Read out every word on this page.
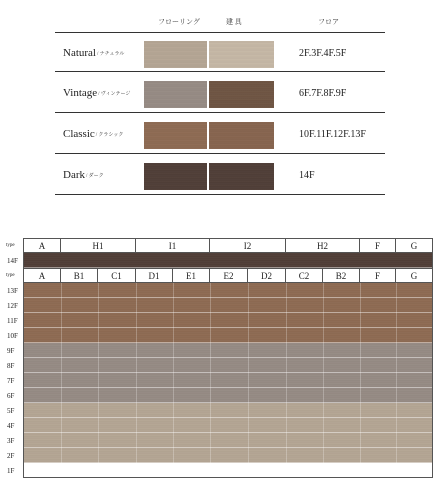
フローリング	建 具	フロア
Natural / ナチュラル	2F.3F.4F.5F
Vintage / ヴィンテージ	6F.7F.8F.9F
Classic / クラシック	10F.11F.12F.13F
Dark / ダーク	14F
type	A	H1	I1	I2	H2	F	G
14F
type	A	B1	C1	D1	E1	E2	D2	C2	B2	F	G
13F
12F
11F
10F
9F
8F
7F
6F
5F
4F
3F
2F
1F
